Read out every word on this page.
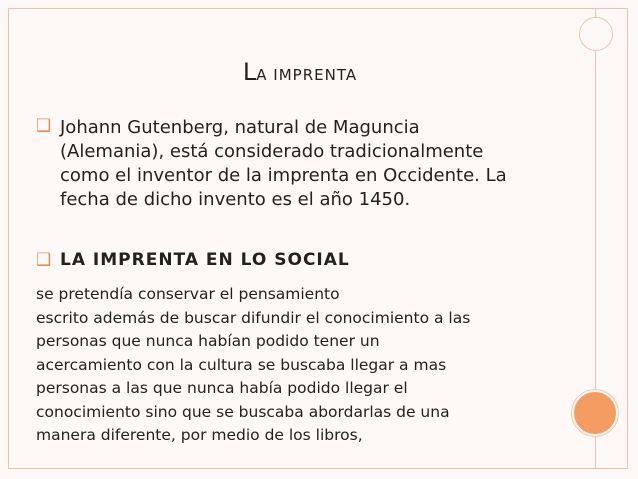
LA IMPRENTA
❑ Johann Gutenberg, natural de Maguncia (Alemania), está considerado tradicionalmente como el inventor de la imprenta en Occidente. La fecha de dicho invento es el año 1450.
❑ LA IMPRENTA EN LO SOCIAL
se pretendía conservar el pensamiento
escrito además de buscar difundir el conocimiento a las
personas que nunca habían podido tener un
acercamiento con la cultura se buscaba llegar a mas
personas a las que nunca había podido llegar el
conocimiento sino que se buscaba abordarlas de una
manera diferente, por medio de los libros,
